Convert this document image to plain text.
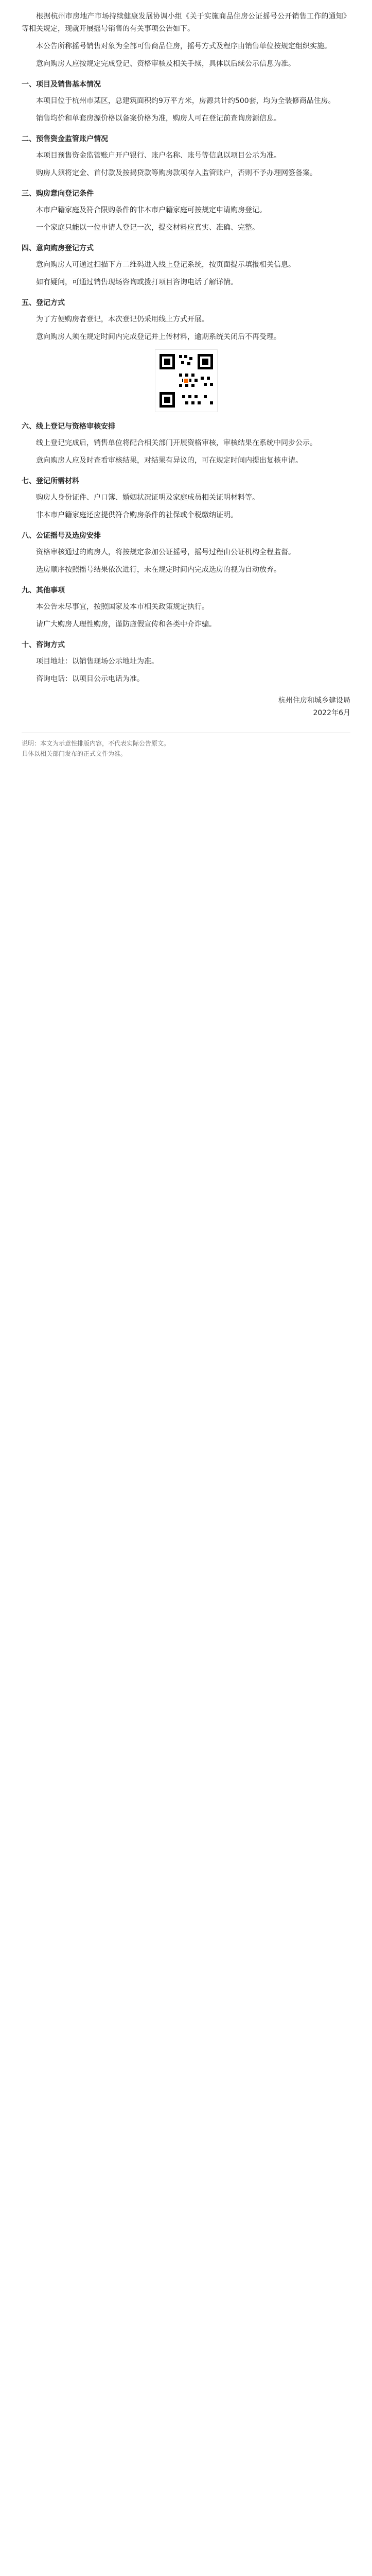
根据杭州市房地产市场持续健康发展协调小组《关于实施商品住房公证摇号公开销售工作的通知》等相关规定，现就开展摇号销售的有关事项公告如下。

本公告所称摇号销售对象为全部可售商品住房，摇号方式及程序由销售单位按规定组织实施。

意向购房人应按规定完成登记、资格审核及相关手续，具体以后续公示信息为准。

一、项目及销售基本情况

本项目位于杭州市某区，总建筑面积约9万平方米，房源共计约500套，均为全装修商品住房。

销售均价和单套房源价格以备案价格为准，购房人可在登记前查询房源信息。

二、预售资金监管账户情况

本项目预售资金监管账户开户银行、账户名称、账号等信息以项目公示为准。

购房人须将定金、首付款及按揭贷款等购房款项存入监管账户，否则不予办理网签备案。

三、购房意向登记条件

本市户籍家庭及符合限购条件的非本市户籍家庭可按规定申请购房登记。

一个家庭只能以一位申请人登记一次，提交材料应真实、准确、完整。

四、意向购房登记方式

意向购房人可通过扫描下方二维码进入线上登记系统，按页面提示填报相关信息。

如有疑问，可通过销售现场咨询或拨打项目咨询电话了解详情。

五、登记方式

为了方便购房者登记，本次登记仍采用线上方式开展。

意向购房人须在规定时间内完成登记并上传材料，逾期系统关闭后不再受理。

六、线上登记与资格审核安排

线上登记完成后，销售单位将配合相关部门开展资格审核，审核结果在系统中同步公示。

意向购房人应及时查看审核结果，对结果有异议的，可在规定时间内提出复核申请。

七、登记所需材料

购房人身份证件、户口簿、婚姻状况证明及家庭成员相关证明材料等。

非本市户籍家庭还应提供符合购房条件的社保或个税缴纳证明。

八、公证摇号及选房安排

资格审核通过的购房人，将按规定参加公证摇号，摇号过程由公证机构全程监督。

选房顺序按照摇号结果依次进行，未在规定时间内完成选房的视为自动放弃。

九、其他事项

本公告未尽事宜，按照国家及本市相关政策规定执行。

请广大购房人理性购房，谨防虚假宣传和各类中介诈骗。

十、咨询方式

项目地址：以销售现场公示地址为准。

咨询电话：以项目公示电话为准。

杭州住房和城乡建设局
2022年6月
说明：本文为示意性排版内容，不代表实际公告原文。
具体以相关部门发布的正式文件为准。
